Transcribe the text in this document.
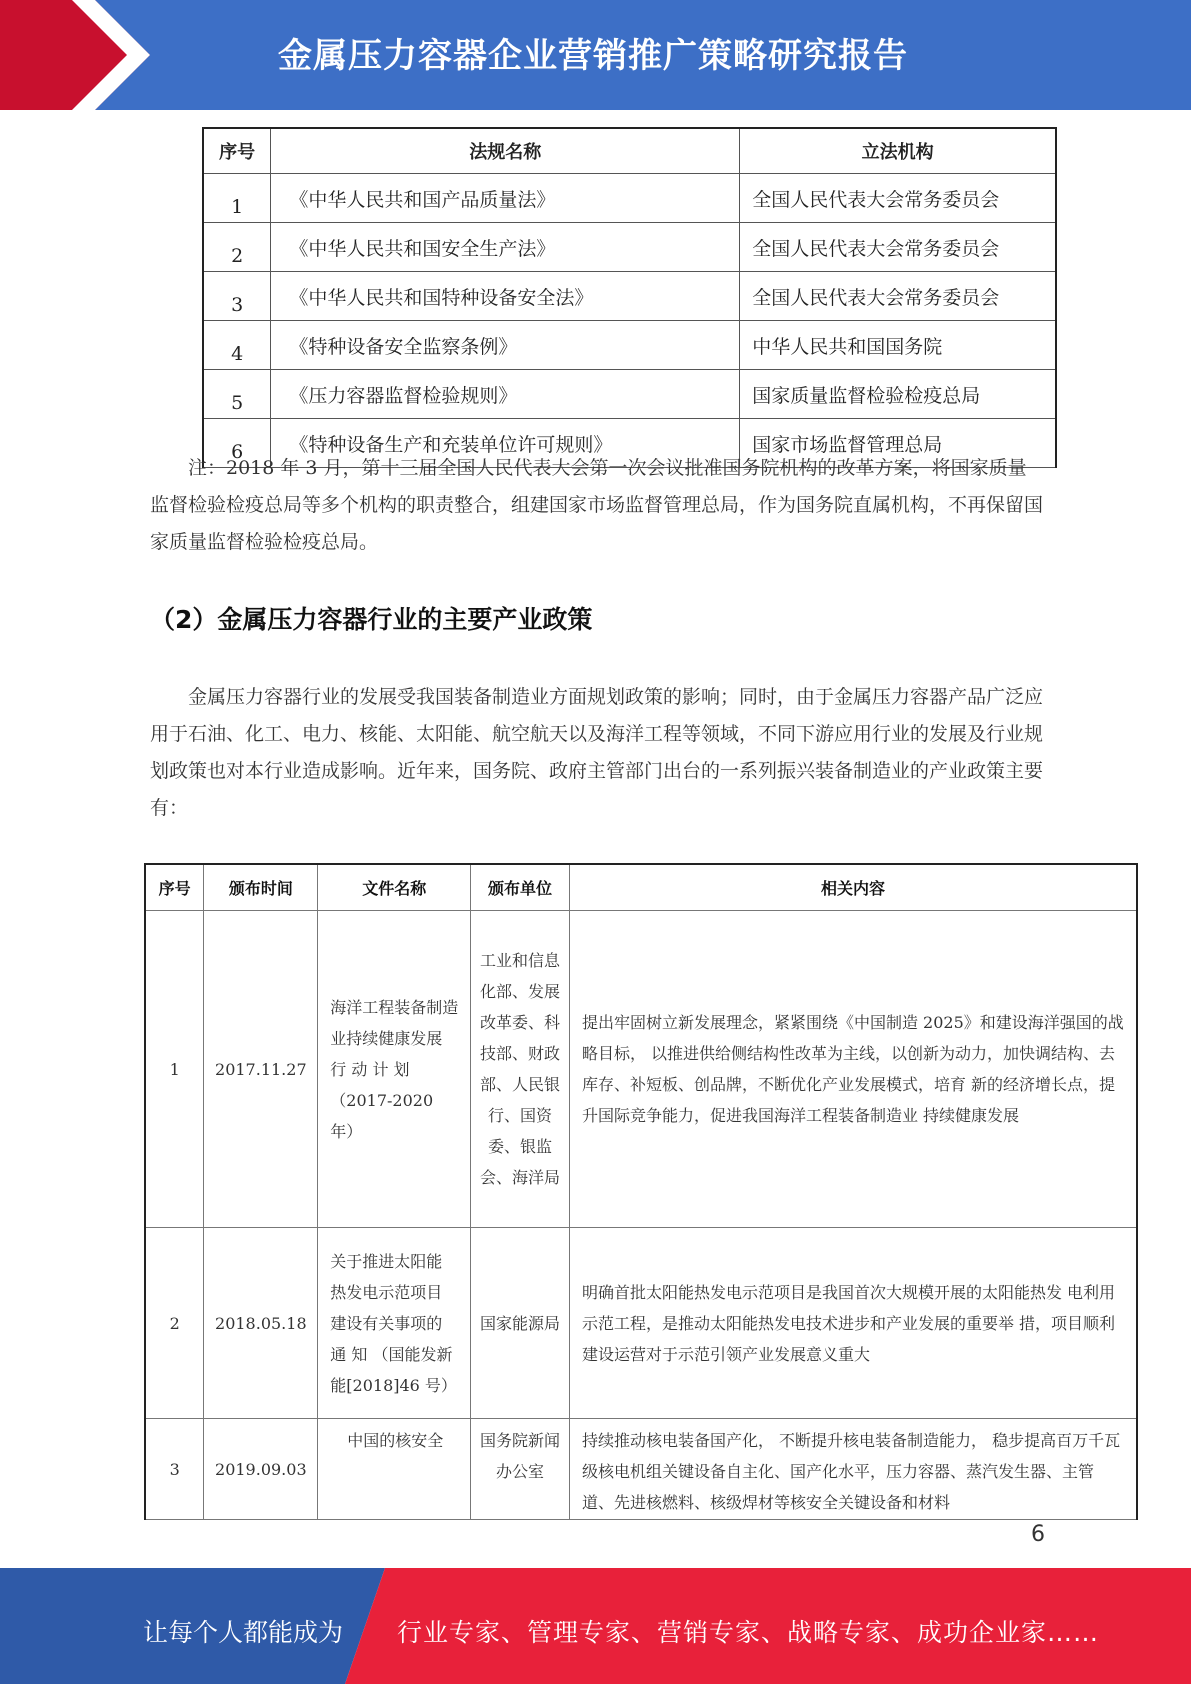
金属压力容器企业营销推广策略研究报告
序号	法规名称	立法机构
1	《中华人民共和国产品质量法》	全国人民代表大会常务委员会
2	《中华人民共和国安全生产法》	全国人民代表大会常务委员会
3	《中华人民共和国特种设备安全法》	全国人民代表大会常务委员会
4	《特种设备安全监察条例》	中华人民共和国国务院
5	《压力容器监督检验规则》	国家质量监督检验检疫总局
6	《特种设备生产和充装单位许可规则》	国家市场监督管理总局

注：2018 年 3 月，第十三届全国人民代表大会第一次会议批准国务院机构的改革方案，将国家质量监督检验检疫总局等多个机构的职责整合，组建国家市场监督管理总局，作为国务院直属机构，不再保留国家质量监督检验检疫总局。

（2）金属压力容器行业的主要产业政策

金属压力容器行业的发展受我国装备制造业方面规划政策的影响；同时，由于金属压力容器产品广泛应用于石油、化工、电力、核能、太阳能、航空航天以及海洋工程等领域，不同下游应用行业的发展及行业规划政策也对本行业造成影响。近年来，国务院、政府主管部门出台的一系列振兴装备制造业的产业政策主要有：

序号	颁布时间	文件名称	颁布单位	相关内容
1	2017.11.27	海洋工程装备制造业持续健康发展 行 动 计 划 （2017-2020 年）	工业和信息化部、发展改革委、科技部、财政部、人民银行、国资委、银监会、海洋局	提出牢固树立新发展理念，紧紧围绕《中国制造 2025》和建设海洋强国的战略目标， 以推进供给侧结构性改革为主线，以创新为动力，加快调结构、去库存、补短板、创品牌，不断优化产业发展模式，培育 新的经济增长点，提升国际竞争能力，促进我国海洋工程装备制造业 持续健康发展
2	2018.05.18	关于推进太阳能 热发电示范项目 建设有关事项的 通 知 （国能发新 能[2018]46 号）	国家能源局	明确首批太阳能热发电示范项目是我国首次大规模开展的太阳能热发 电利用示范工程，是推动太阳能热发电技术进步和产业发展的重要举 措，项目顺利建设运营对于示范引领产业发展意义重大
3	2019.09.03	中国的核安全	国务院新闻办公室	持续推动核电装备国产化， 不断提升核电装备制造能力， 稳步提高百万千瓦级核电机组关键设备自主化、国产化水平，压力容器、蒸汽发生器、主管道、先进核燃料、核级焊材等核安全关键设备和材料
6
让每个人都能成为 行业专家、管理专家、营销专家、战略专家、成功企业家……
